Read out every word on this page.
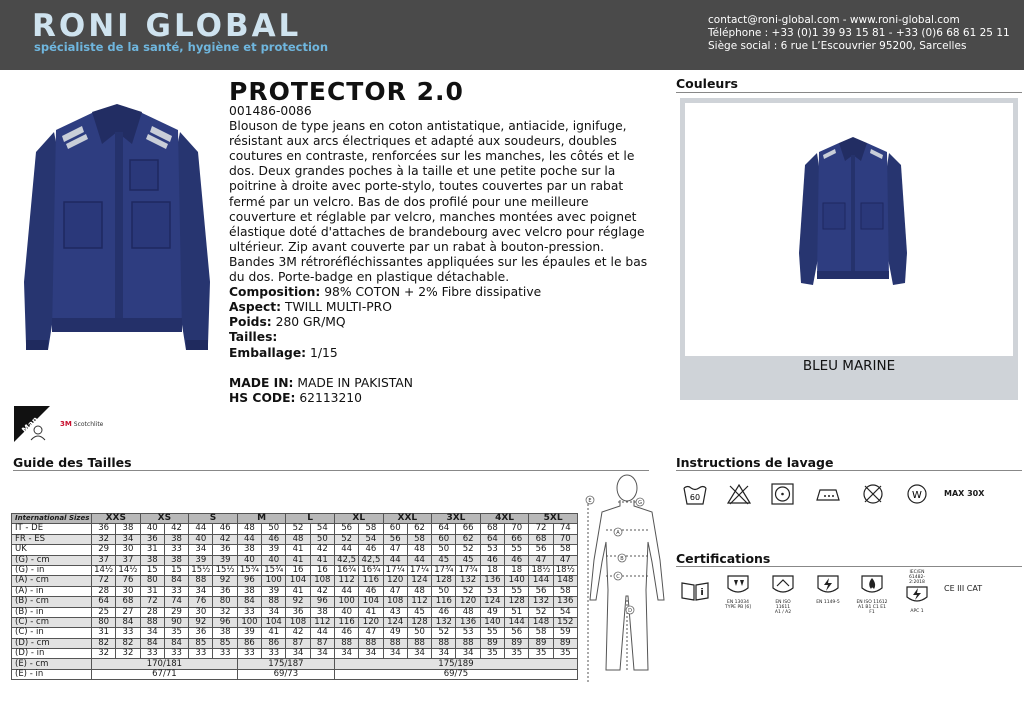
RONI GLOBAL
spécialiste de la santé, hygiène et protection
contact@roni-global.com - www.roni-global.com
Téléphone : +33 (0)1 39 93 15 81 - +33 (0)6 68 61 25 11
Siège social : 6 rue L’Escouvrier 95200, Sarcelles
PROTECTOR 2.0
001486-0086
Blouson de type jeans en coton antistatique, antiacide, ignifuge, résistant aux arcs électriques et adapté aux soudeurs, doubles coutures en contraste, renforcées sur les manches, les côtés et le dos. Deux grandes poches à la taille et une petite poche sur la poitrine à droite avec porte-stylo, toutes couvertes par un rabat fermé par un velcro. Bas de dos profilé pour une meilleure couverture et réglable par velcro, manches montées avec poignet élastique doté d'attaches de brandebourg avec velcro pour réglage ultérieur. Zip avant couverte par un rabat à bouton-pression. Bandes 3M rétroréfléchissantes appliquées sur les épaules et le bas du dos. Porte-badge en plastique détachable.
Composition: 98% COTON + 2% Fibre dissipative
Aspect: TWILL MULTI-PRO
Poids: 280 GR/MQ
Tailles:
Emballage: 1/15
MADE IN: MADE IN PAKISTAN
HS CODE: 62113210
Man	3M Scotchlite
Couleurs
BLEU MARINE
Guide des Tailles
International Sizes	XXS		XS		S		M		L		XL		XXL		3XL		4XL		5XL	
IT - DE	36	38	40	42	44	46	48	50	52	54	56	58	60	62	64	66	68	70	72	74
FR - ES	32	34	36	38	40	42	44	46	48	50	52	54	56	58	60	62	64	66	68	70
UK	29	30	31	33	34	36	38	39	41	42	44	46	47	48	50	52	53	55	56	58
(G) - cm	37	37	38	38	39	39	40	40	41	41	42,5	42,5	44	44	45	45	46	46	47	47
(G) - in	14½	14½	15	15	15½	15½	15¾	15¾	16	16	16¾	16¾	17¼	17¼	17¾	17¾	18	18	18½	18½
(A) - cm	72	76	80	84	88	92	96	100	104	108	112	116	120	124	128	132	136	140	144	148
(A) - in	28	30	31	33	34	36	38	39	41	42	44	46	47	48	50	52	53	55	56	58
(B) - cm	64	68	72	74	76	80	84	88	92	96	100	104	108	112	116	120	124	128	132	136
(B) - in	25	27	28	29	30	32	33	34	36	38	40	41	43	45	46	48	49	51	52	54
(C) - cm	80	84	88	90	92	96	100	104	108	112	116	120	124	128	132	136	140	144	148	152
(C) - in	31	33	34	35	36	38	39	41	42	44	46	47	49	50	52	53	55	56	58	59
(D) - cm	82	82	84	84	85	85	86	86	87	87	88	88	88	88	88	88	89	89	89	89
(D) - in	32	32	33	33	33	33	33	33	34	34	34	34	34	34	34	34	35	35	35	35
(E) - cm	170/181						175/187				175/189									
(E) - in	67/71						69/73				69/75									
G
E
A
B
C
D
Instructions de lavage
60	W	MAX 30X
Certifications
i
EN 13034
TYPE PB [6]
EN ISO 11611
A1 / A2
EN 1149-5	EN ISO 11612
A1 B1 C1 E1 F1
IEC/EN 61482-2:2018
APC 1
CE III CAT
